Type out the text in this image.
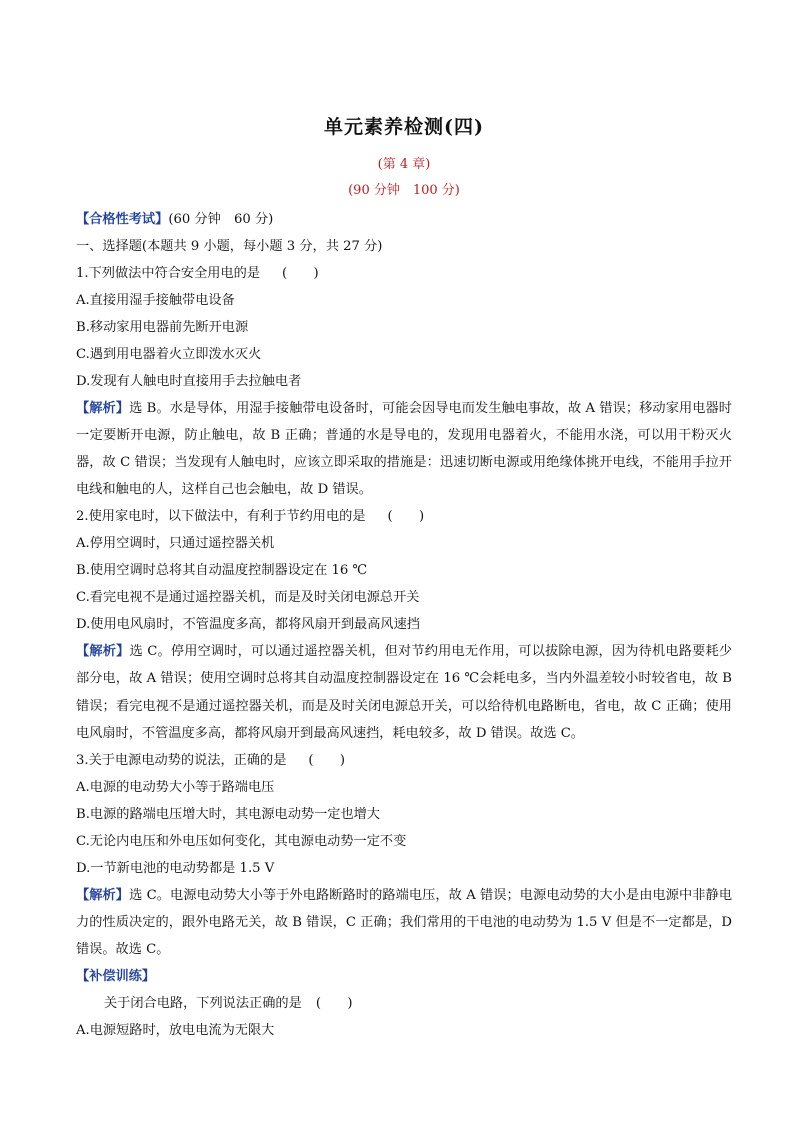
单元素养检测(四)
(第 4 章)
(90 分钟　100 分)
【合格性考试】(60 分钟　60 分)
一、选择题(本题共 9 小题，每小题 3 分，共 27 分)
1.下列做法中符合安全用电的是 (　　)
A.直接用湿手接触带电设备
B.移动家用电器前先断开电源
C.遇到用电器着火立即泼水灭火
D.发现有人触电时直接用手去拉触电者
【解析】选 B。水是导体，用湿手接触带电设备时，可能会因导电而发生触电事故，故 A 错误；移动家用电器时一定要断开电源，防止触电，故 B 正确；普通的水是导电的，发现用电器着火，不能用水浇，可以用干粉灭火器，故 C 错误；当发现有人触电时，应该立即采取的措施是：迅速切断电源或用绝缘体挑开电线，不能用手拉开电线和触电的人，这样自己也会触电，故 D 错误。
2.使用家电时，以下做法中，有利于节约用电的是 (　　)
A.停用空调时，只通过遥控器关机
B.使用空调时总将其自动温度控制器设定在 16 ℃
C.看完电视不是通过遥控器关机，而是及时关闭电源总开关
D.使用电风扇时，不管温度多高，都将风扇开到最高风速挡
【解析】选 C。停用空调时，可以通过遥控器关机，但对节约用电无作用，可以拔除电源，因为待机电路要耗少部分电，故 A 错误；使用空调时总将其自动温度控制器设定在 16 ℃会耗电多，当内外温差较小时较省电，故 B 错误；看完电视不是通过遥控器关机，而是及时关闭电源总开关，可以给待机电路断电，省电，故 C 正确；使用电风扇时，不管温度多高，都将风扇开到最高风速挡，耗电较多，故 D 错误。故选 C。
3.关于电源电动势的说法，正确的是 (　　)
A.电源的电动势大小等于路端电压
B.电源的路端电压增大时，其电源电动势一定也增大
C.无论内电压和外电压如何变化，其电源电动势一定不变
D.一节新电池的电动势都是 1.5 V
【解析】选 C。电源电动势大小等于外电路断路时的路端电压，故 A 错误；电源电动势的大小是由电源中非静电力的性质决定的，跟外电路无关，故 B 错误，C 正确；我们常用的干电池的电动势为 1.5 V 但是不一定都是，D 错误。故选 C。
【补偿训练】
关于闭合电路，下列说法正确的是 (　　)
A.电源短路时，放电电流为无限大
